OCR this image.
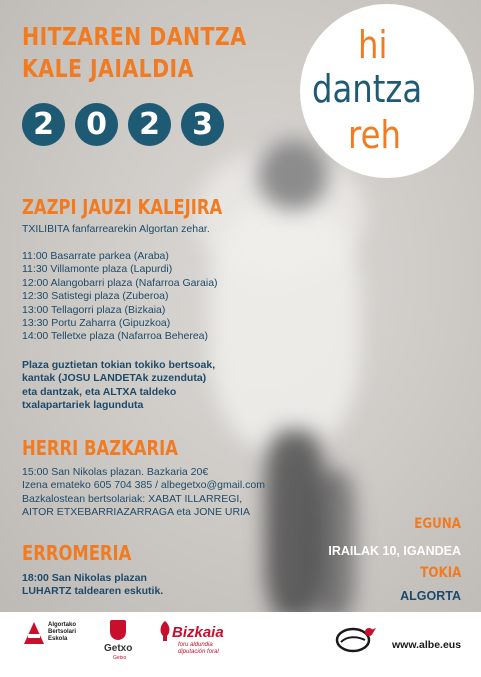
HITZAREN DANTZA
KALE JAIALDIA
2	0	2	3
hi
dantza
reh
ZAZPI JAUZI KALEJIRA
TXILIBITA fanfarrearekin Algortan zehar.
11:00 Basarrate parkea (Araba)
11:30 Villamonte plaza (Lapurdi)
12:00 Alangobarri plaza (Nafarroa Garaia)
12:30 Satistegi plaza (Zuberoa)
13:00 Tellagorri plaza (Bizkaia)
13:30 Portu Zaharra (Gipuzkoa)
14:00 Telletxe plaza (Nafarroa Beherea)
Plaza guztietan tokian tokiko bertsoak,
kantak (JOSU LANDETAk zuzenduta)
eta dantzak, eta ALTXA taldeko
txalapartariek lagunduta
HERRI BAZKARIA
15:00 San Nikolas plazan. Bazkaria 20€
Izena emateko 605 704 385 / albegetxo@gmail.com
Bazkalostean bertsolariak: XABAT ILLARREGI,
AITOR ETXEBARRIAZARRAGA eta JONE URIA
ERROMERIA
18:00 San Nikolas plazan
LUHARTZ taldearen eskutik.
EGUNA
IRAILAK 10, IGANDEA
TOKIA
ALGORTA
Algortako
Bertsolari
Eskola
Getxo
Getxo
Bizkaia
foru aldundia
diputación foral
www.albe.eus
